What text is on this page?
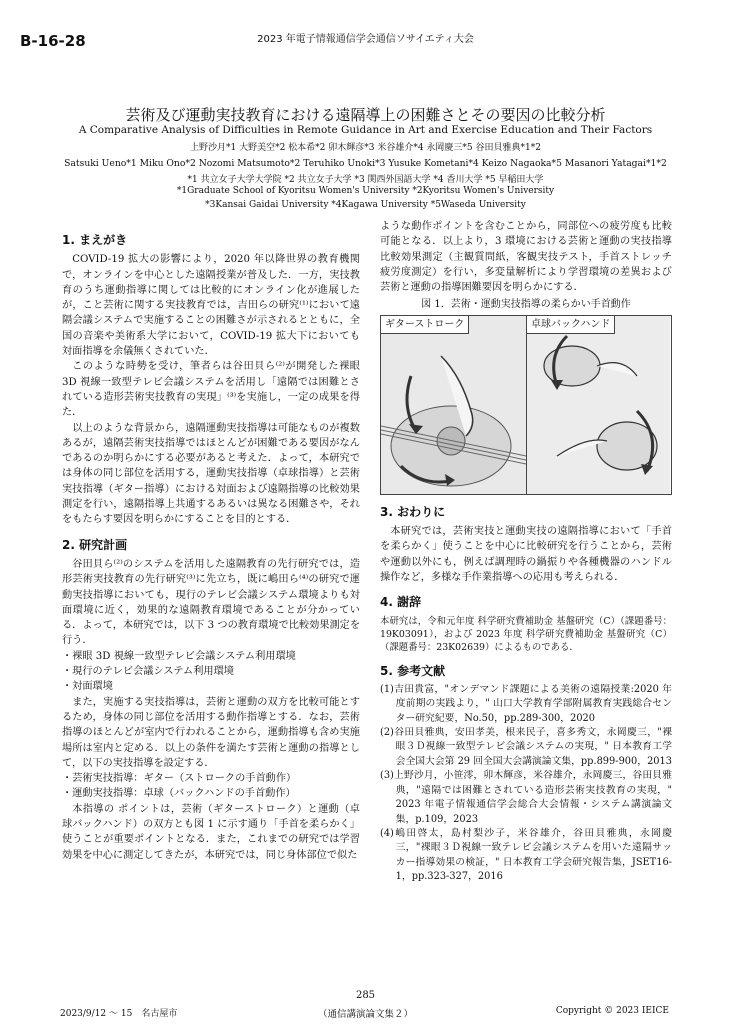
B-16-28	2023 年電子情報通信学会通信ソサイエティ大会
芸術及び運動実技教育における遠隔導上の困難さとその要因の比較分析
A Comparative Analysis of Difficulties in Remote Guidance in Art and Exercise Education and Their Factors
上野沙月*1 大野美空*2 松本希*2 卯木輝彦*3 米谷雄介*4 永岡慶三*5 谷田貝雅典*1*2
Satsuki Ueno*1 Miku Ono*2 Nozomi Matsumoto*2 Teruhiko Unoki*3 Yusuke Kometani*4 Keizo Nagaoka*5 Masanori Yatagai*1*2
*1 共立女子大学大学院 *2 共立女子大学 *3 関西外国語大学 *4 香川大学 *5 早稲田大学
*1Graduate School of Kyoritsu Women's University *2Kyoritsu Women's University
*3Kansai Gaidai University *4Kagawa University *5Waseda University
1. まえがき

COVID-19 拡大の影響により，2020 年以降世界の教育機関で，オンラインを中心とした遠隔授業が普及した．一方，実技教育のうち運動指導に関しては比較的にオンライン化が進展したが，こと芸術に関する実技教育では，吉田らの研究⁽¹⁾において遠隔会議システムで実施することの困難さが示されるとともに，全国の音楽や美術系大学において，COVID-19 拡大下においても対面指導を余儀無くされていた．

このような時勢を受け，筆者らは谷田貝ら⁽²⁾が開発した裸眼 3D 視線一致型テレビ会議システムを活用し「遠隔では困難とされている造形芸術実技教育の実現」⁽³⁾を実施し，一定の成果を得た．

以上のような背景から，遠隔運動実技指導は可能なものが複数あるが，遠隔芸術実技指導ではほとんどが困難である要因がなんであるのか明らかにする必要があると考えた．よって，本研究では身体の同じ部位を活用する，運動実技指導（卓球指導）と芸術実技指導（ギター指導）における対面および遠隔指導の比較効果測定を行い，遠隔指導上共通するあるいは異なる困難さや，それをもたらす要因を明らかにすることを目的とする．

2. 研究計画

谷田貝ら⁽²⁾のシステムを活用した遠隔教育の先行研究では，造形芸術実技教育の先行研究⁽³⁾に先立ち，既に嶋田ら⁽⁴⁾の研究で運動実技指導においても，現行のテレビ会議システム環境よりも対面環境に近く，効果的な遠隔教育環境であることが分かっている．よって，本研究では，以下 3 つの教育環境で比較効果測定を行う．

・裸眼 3D 視線一致型テレビ会議システム利用環境
・現行のテレビ会議システム利用環境
・対面環境

また，実施する実技指導は，芸術と運動の双方を比較可能とするため，身体の同じ部位を活用する動作指導とする．なお，芸術指導のほとんどが室内で行われることから，運動指導も含め実施場所は室内と定める．以上の条件を満たす芸術と運動の指導として，以下の実技指導を設定する．

・芸術実技指導：ギター（ストロークの手首動作）
・運動実技指導：卓球（バックハンドの手首動作）

本指導の ポイントは，芸術（ギターストローク）と運動（卓球バックハンド）の双方とも図 1 に示す通り「手首を柔らかく」使うことが重要ポイントとなる．また，これまでの研究では学習効果を中心に測定してきたが，本研究では，同じ身体部位で似た

ような動作ポイントを含むことから，同部位への疲労度も比較可能となる．以上より，3 環境における芸術と運動の実技指導比較効果測定（主観質問紙，客観実技テスト，手首ストレッチ疲労度測定）を行い，多変量解析により学習環境の差異および芸術と運動の指導困難要因を明らかにする．

図 1．芸術・運動実技指導の柔らかい手首動作
ギターストローク	卓球バックハンド
3. おわりに

本研究では，芸術実技と運動実技の遠隔指導において「手首を柔らかく」使うことを中心に比較研究を行うことから，芸術や運動以外にも，例えば調理時の鍋振りや各種機器のハンドル操作など，多様な手作業指導への応用も考えられる．

4. 謝辞

本研究は，令和元年度 科学研究費補助金 基盤研究（C）（課題番号：19K03091），および 2023 年度 科学研究費補助金 基盤研究（C）（課題番号：23K02639）によるものである．

5. 参考文献

(1)吉田貴富，"オンデマンド課題による美術の遠隔授業:2020 年度前期の実践より，" 山口大学教育学部附属教育実践総合センター研究紀要，No.50，pp.289-300，2020

(2)谷田貝雅典，安田孝美，根来民子，喜多秀文，永岡慶三，"裸眼３Ｄ視線一致型テレビ会議システムの実現，" 日本教育工学会全国大会第 29 回全国大会講演論文集，pp.899-900，2013

(3)上野沙月，小笹澪，卯木輝彦，米谷雄介，永岡慶三，谷田貝雅典，"遠隔では困難とされている造形芸術実技教育の実現，" 2023 年電子情報通信学会総合大会情報・システム講演論文集，p.109，2023

(4)嶋田啓太，島村梨沙子，米谷雄介，谷田貝雅典，永岡慶三，"裸眼３Ｄ視線一致テレビ会議システムを用いた遠隔サッカー指導効果の検証，" 日本教育工学会研究報告集，JSET16-1，pp.323-327，2016

285
2023/9/12 ～ 15　名古屋市	（通信講演論文集２）	Copyright © 2023 IEICE
